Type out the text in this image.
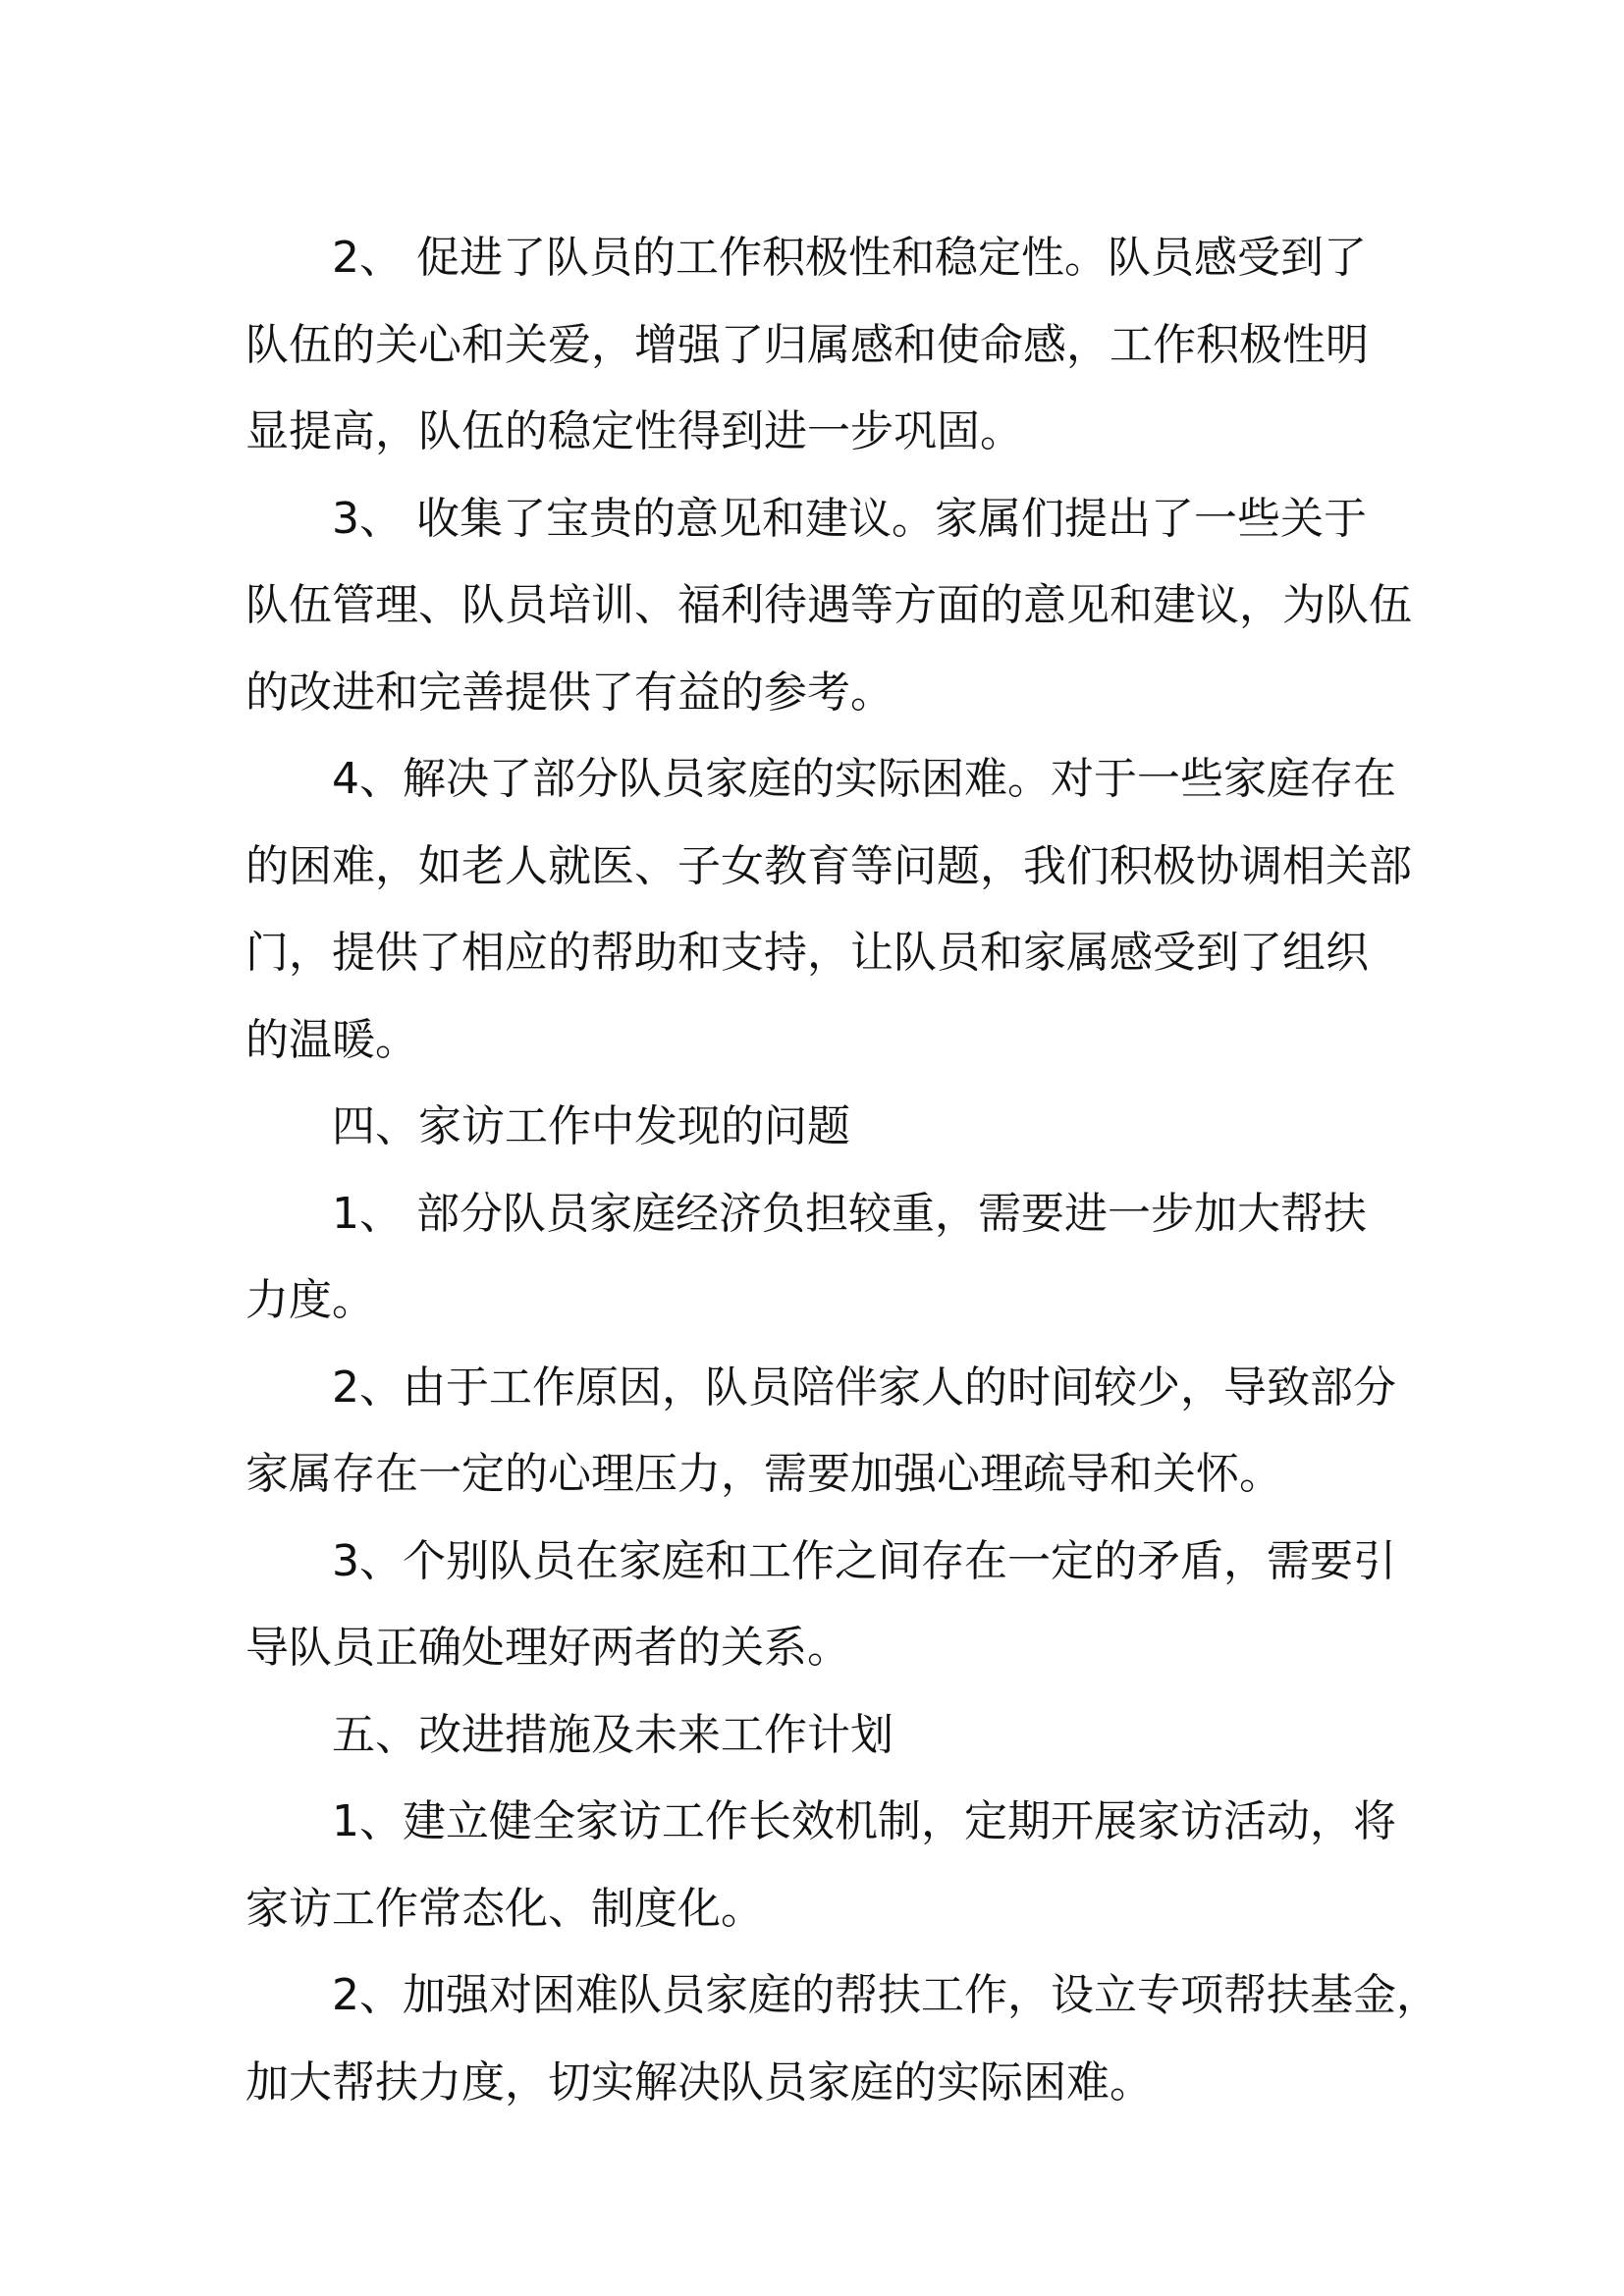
2、 促进了队员的工作积极性和稳定性。队员感受到了
队伍的关心和关爱，增强了归属感和使命感，工作积极性明
显提高，队伍的稳定性得到进一步巩固。

3、 收集了宝贵的意见和建议。家属们提出了一些关于
队伍管理、队员培训、福利待遇等方面的意见和建议，为队伍
的改进和完善提供了有益的参考。

4、解决了部分队员家庭的实际困难。对于一些家庭存在
的困难，如老人就医、子女教育等问题，我们积极协调相关部
门，提供了相应的帮助和支持，让队员和家属感受到了组织
的温暖。

四、家访工作中发现的问题

1、 部分队员家庭经济负担较重，需要进一步加大帮扶
力度。

2、由于工作原因，队员陪伴家人的时间较少，导致部分
家属存在一定的心理压力，需要加强心理疏导和关怀。

3、个别队员在家庭和工作之间存在一定的矛盾，需要引
导队员正确处理好两者的关系。

五、改进措施及未来工作计划

1、建立健全家访工作长效机制，定期开展家访活动，将
家访工作常态化、制度化。

2、加强对困难队员家庭的帮扶工作，设立专项帮扶基金，
加大帮扶力度，切实解决队员家庭的实际困难。
